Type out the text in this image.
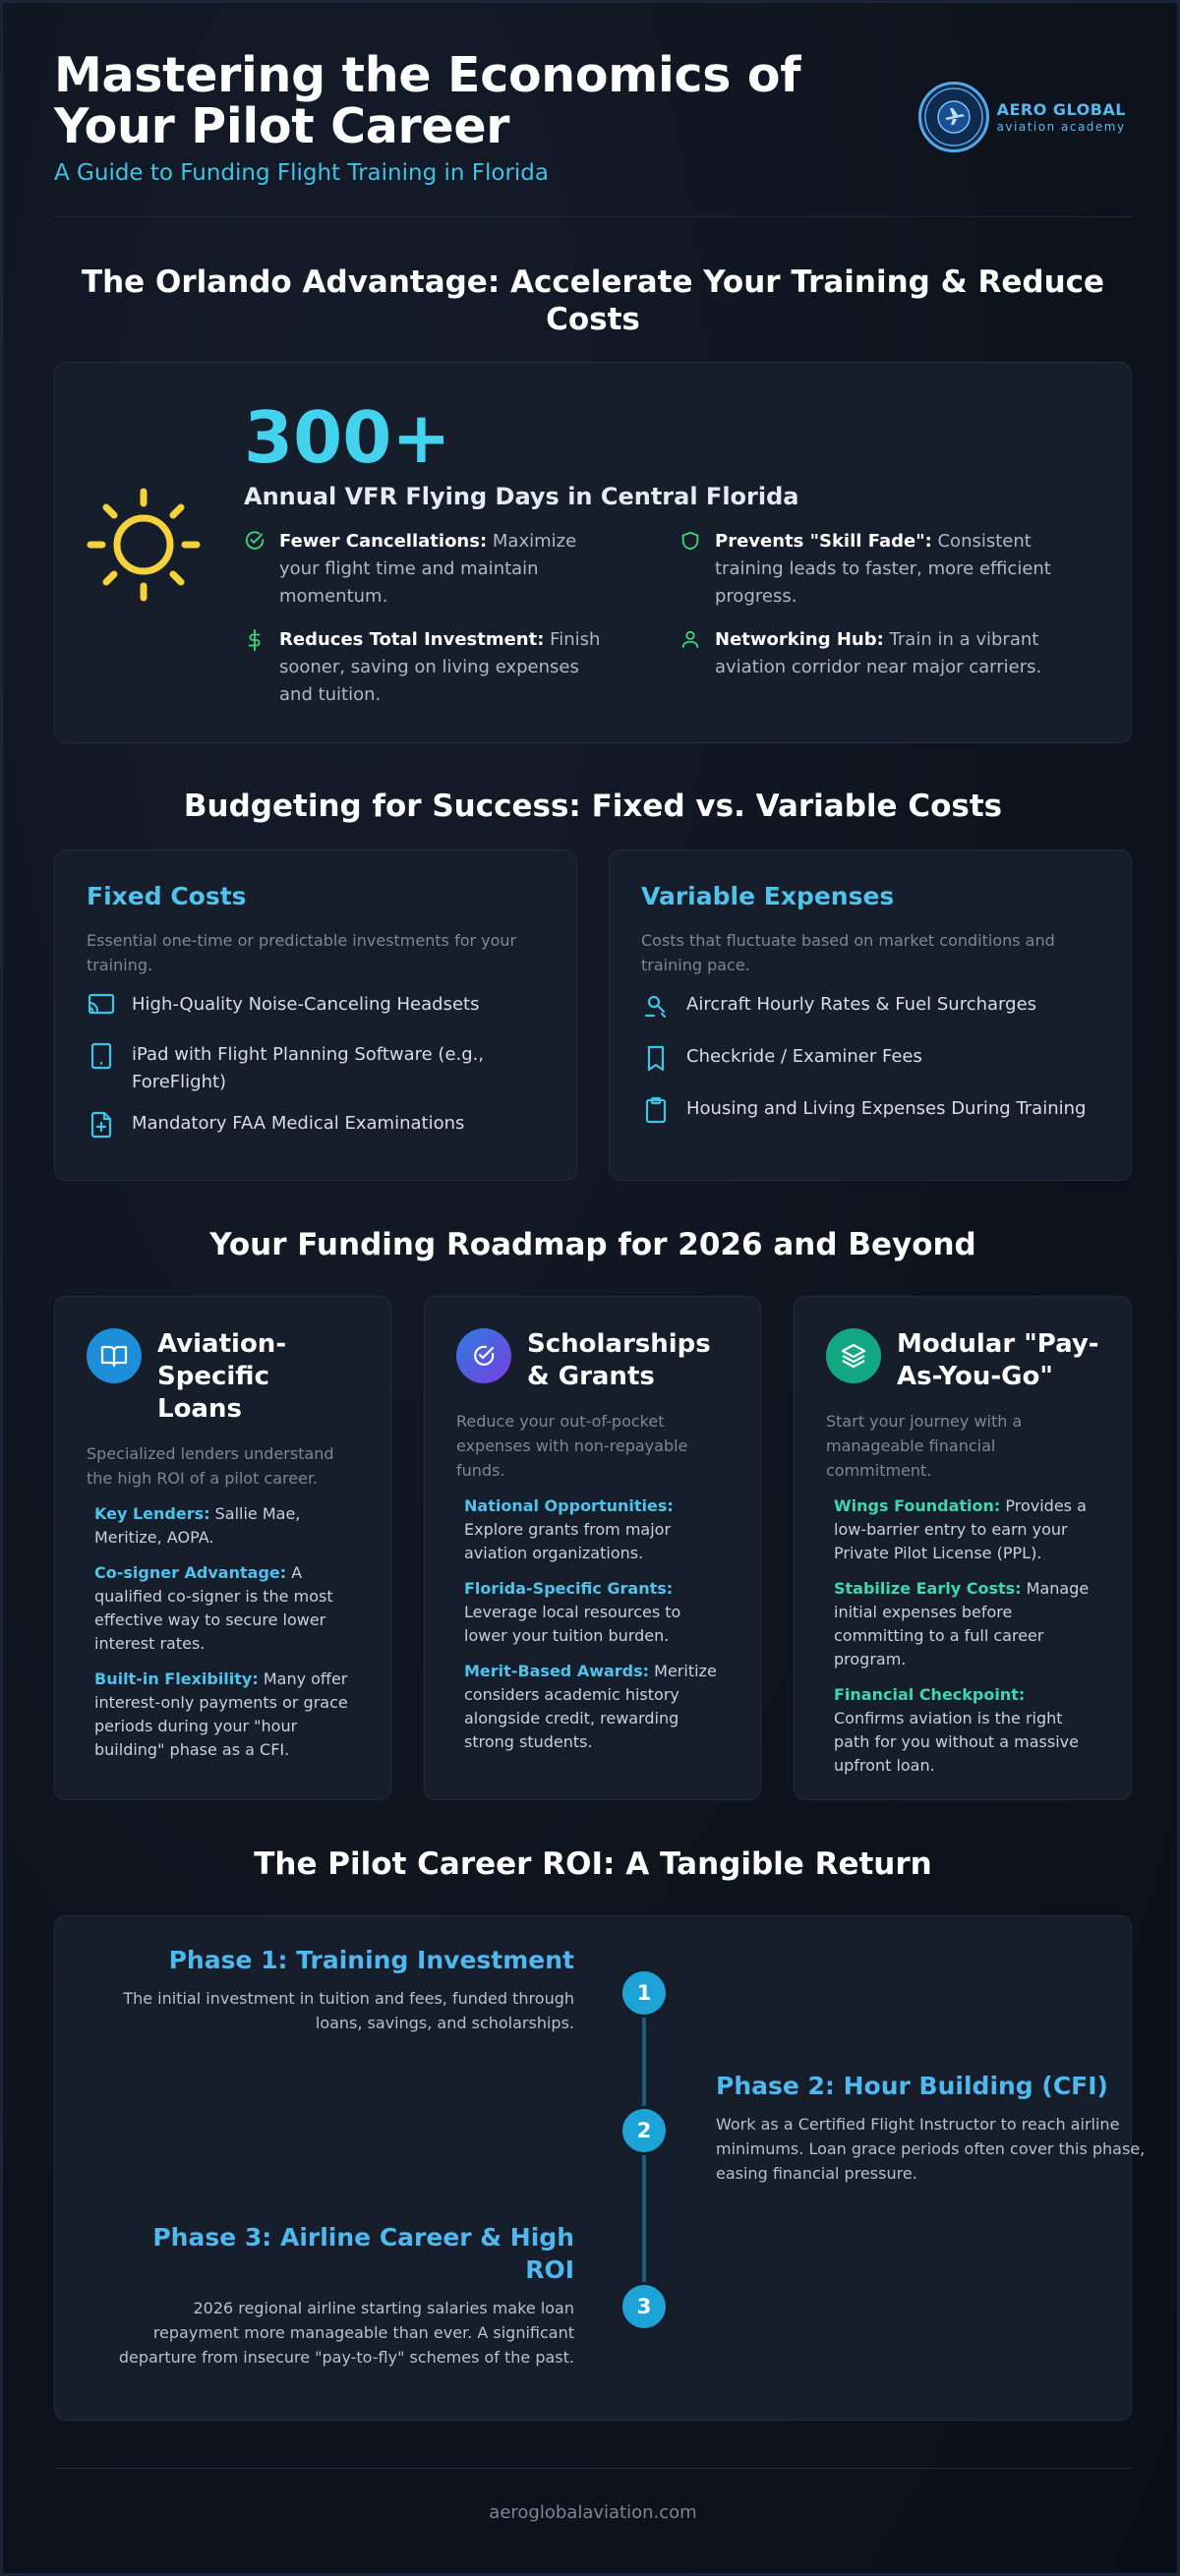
Mastering the Economics of Your Pilot Career
A Guide to Funding Flight Training in Florida
AERO GLOBAL
aviation academy
The Orlando Advantage: Accelerate Your Training & Reduce Costs
300+
Annual VFR Flying Days in Central Florida
Fewer Cancellations: Maximize your flight time and maintain momentum.
Prevents "Skill Fade": Consistent training leads to faster, more efficient progress.
Reduces Total Investment: Finish sooner, saving on living expenses and tuition.
Networking Hub: Train in a vibrant aviation corridor near major carriers.
Budgeting for Success: Fixed vs. Variable Costs
Fixed Costs
Essential one-time or predictable investments for your training.
High-Quality Noise-Canceling Headsets
iPad with Flight Planning Software (e.g., ForeFlight)
Mandatory FAA Medical Examinations
Variable Expenses
Costs that fluctuate based on market conditions and training pace.
Aircraft Hourly Rates & Fuel Surcharges
Checkride / Examiner Fees
Housing and Living Expenses During Training
Your Funding Roadmap for 2026 and Beyond
Aviation-Specific Loans
Specialized lenders understand the high ROI of a pilot career.
Key Lenders: Sallie Mae, Meritize, AOPA.
Co-signer Advantage: A qualified co-signer is the most effective way to secure lower interest rates.
Built-in Flexibility: Many offer interest-only payments or grace periods during your "hour building" phase as a CFI.
Scholarships & Grants
Reduce your out-of-pocket expenses with non-repayable funds.
National Opportunities: Explore grants from major aviation organizations.
Florida-Specific Grants: Leverage local resources to lower your tuition burden.
Merit-Based Awards: Meritize considers academic history alongside credit, rewarding strong students.
Modular "Pay-As-You-Go"
Start your journey with a manageable financial commitment.
Wings Foundation: Provides a low-barrier entry to earn your Private Pilot License (PPL).
Stabilize Early Costs: Manage initial expenses before committing to a full career program.
Financial Checkpoint: Confirms aviation is the right path for you without a massive upfront loan.
The Pilot Career ROI: A Tangible Return
1
Phase 1: Training Investment
The initial investment in tuition and fees, funded through loans, savings, and scholarships.
2
Phase 2: Hour Building (CFI)
Work as a Certified Flight Instructor to reach airline minimums. Loan grace periods often cover this phase, easing financial pressure.
3
Phase 3: Airline Career & High ROI
2026 regional airline starting salaries make loan repayment more manageable than ever. A significant departure from insecure "pay-to-fly" schemes of the past.
aeroglobalaviation.com
